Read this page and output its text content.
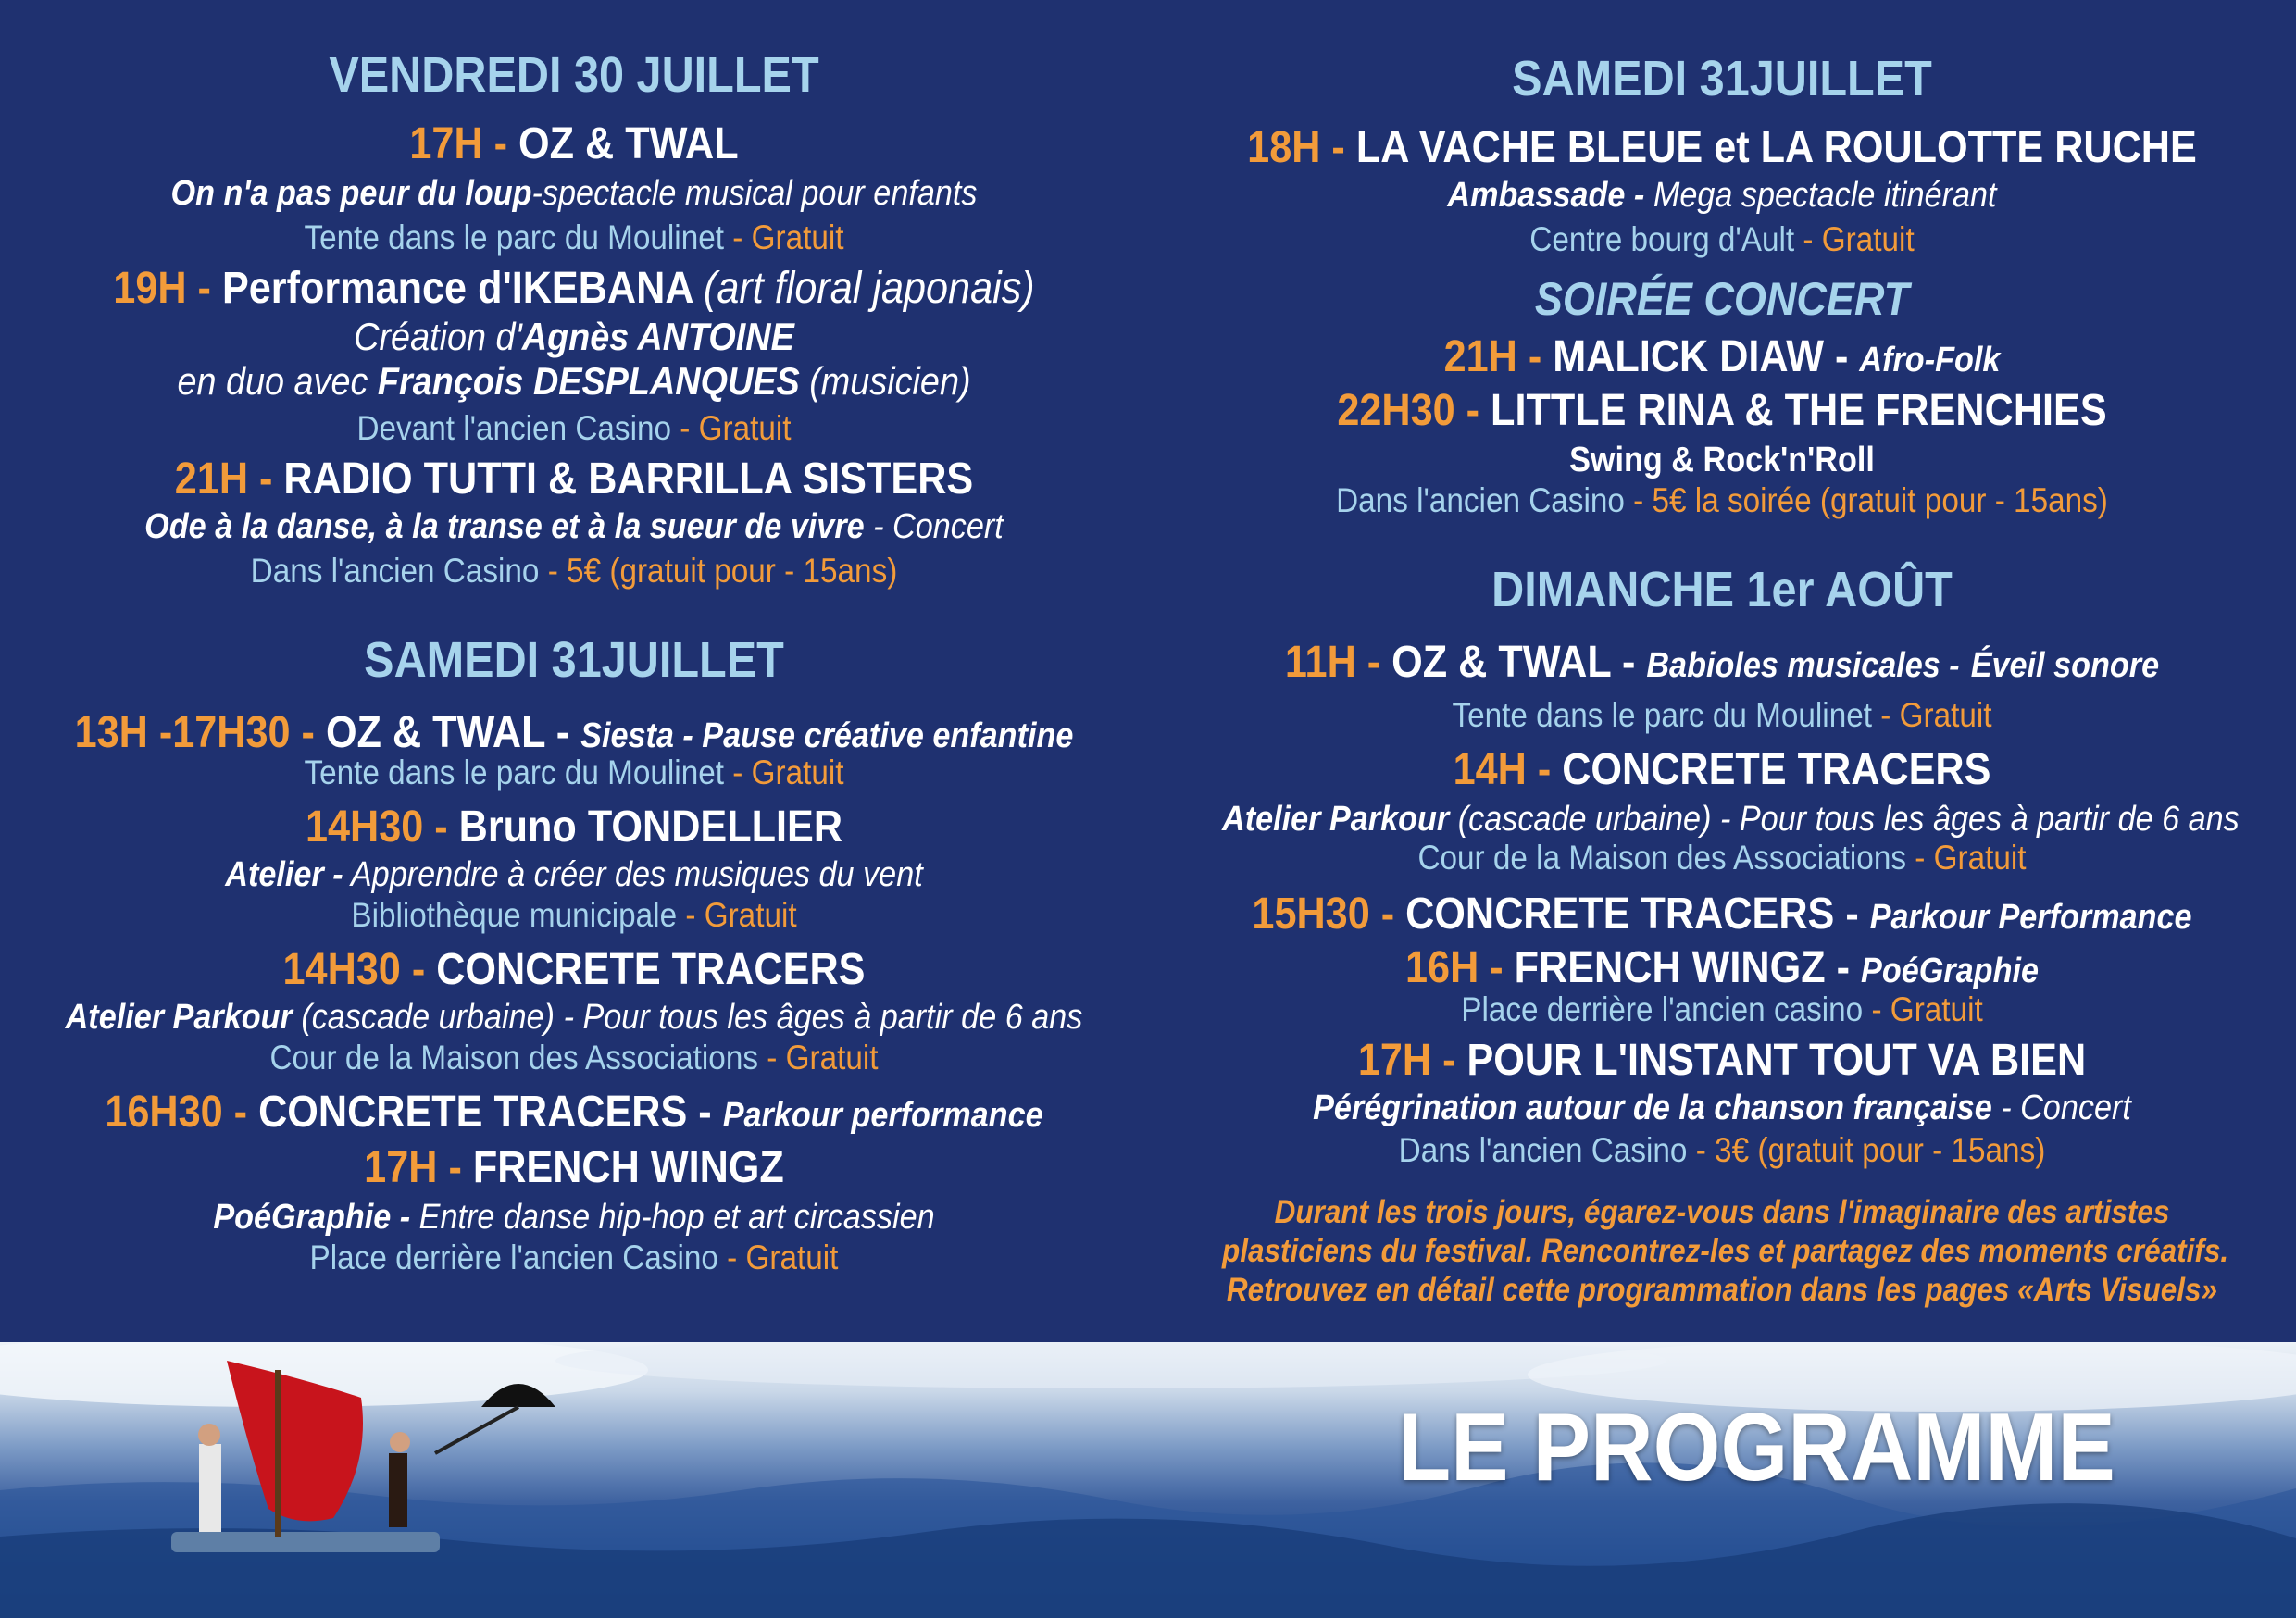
VENDREDI 30 JUILLET
17H - OZ & TWAL
On n'a pas peur du loup-spectacle musical pour enfants
Tente dans le parc du Moulinet - Gratuit
19H - Performance d'IKEBANA (art floral japonais)
Création d'Agnès ANTOINE
en duo avec François DESPLANQUES (musicien)
Devant l'ancien Casino - Gratuit
21H - RADIO TUTTI & BARRILLA SISTERS
Ode à la danse, à la transe et à la sueur de vivre - Concert
Dans l'ancien Casino - 5€ (gratuit pour - 15ans)
SAMEDI 31JUILLET
13H -17H30 - OZ & TWAL - Siesta - Pause créative enfantine
Tente dans le parc du Moulinet - Gratuit
14H30 - Bruno TONDELLIER
Atelier - Apprendre à créer des musiques du vent
Bibliothèque municipale - Gratuit
14H30 - CONCRETE TRACERS
Atelier Parkour (cascade urbaine) - Pour tous les âges à partir de 6 ans
Cour de la Maison des Associations - Gratuit
16H30 - CONCRETE TRACERS - Parkour performance
17H - FRENCH WINGZ
PoéGraphie - Entre danse hip-hop et art circassien
Place derrière l'ancien Casino - Gratuit
SAMEDI 31JUILLET
18H - LA VACHE BLEUE et LA ROULOTTE RUCHE
Ambassade - Mega spectacle itinérant
Centre bourg d'Ault - Gratuit
SOIRÉE CONCERT
21H - MALICK DIAW - Afro-Folk
22H30 - LITTLE RINA & THE FRENCHIES
Swing & Rock'n'Roll
Dans l'ancien Casino - 5€ la soirée (gratuit pour - 15ans)
DIMANCHE 1er AOÛT
11H - OZ & TWAL - Babioles musicales - Éveil sonore
Tente dans le parc du Moulinet - Gratuit
14H - CONCRETE TRACERS
Atelier Parkour (cascade urbaine) - Pour tous les âges à partir de 6 ans
Cour de la Maison des Associations - Gratuit
15H30 - CONCRETE TRACERS - Parkour Performance
16H - FRENCH WINGZ - PoéGraphie
Place derrière l'ancien casino - Gratuit
17H - POUR L'INSTANT TOUT VA BIEN
Pérégrination autour de la chanson française - Concert
Dans l'ancien Casino - 3€ (gratuit pour - 15ans)
Durant les trois jours, égarez-vous dans l'imaginaire des artistes
plasticiens du festival. Rencontrez-les et partagez des moments créatifs.
Retrouvez en détail cette programmation dans les pages «Arts Visuels»
LE PROGRAMME
